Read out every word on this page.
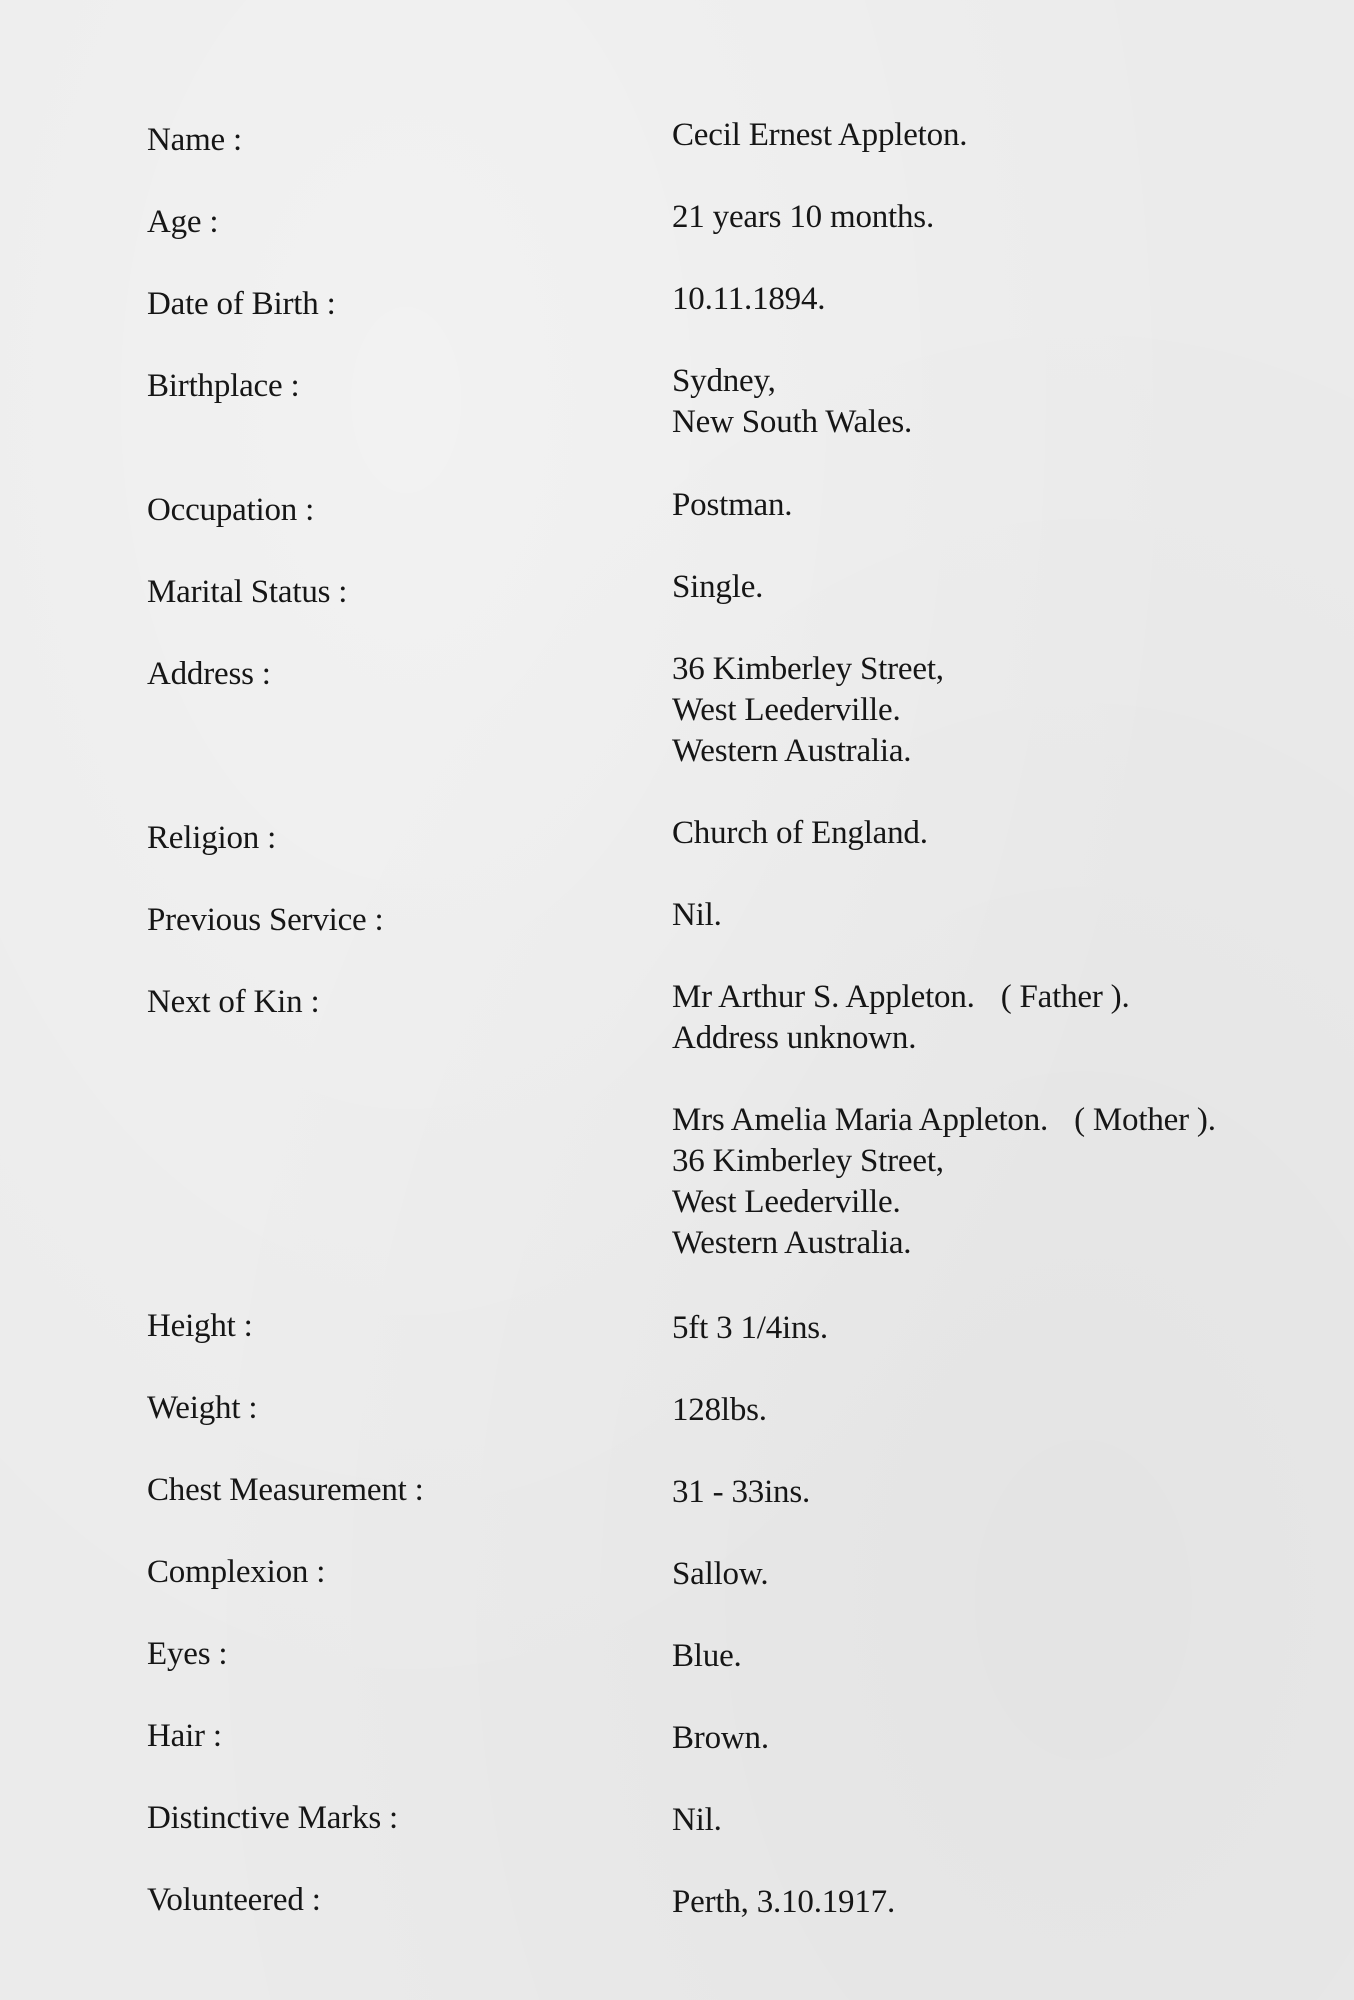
Name :	Cecil Ernest Appleton.
Age :	21 years 10 months.
Date of Birth :	10.11.1894.
Birthplace :	Sydney,
New South Wales.
Occupation :	Postman.
Marital Status :	Single.
Address :	36 Kimberley Street,
West Leederville.
Western Australia.
Religion :	Church of England.
Previous Service :	Nil.
Next of Kin :	Mr Arthur S. Appleton. ( Father ).
Address unknown.
Mrs Amelia Maria Appleton. ( Mother ).
36 Kimberley Street,
West Leederville.
Western Australia.
Height :	5ft 3 1/4ins.
Weight :	128lbs.
Chest Measurement :	31 - 33ins.
Complexion :	Sallow.
Eyes :	Blue.
Hair :	Brown.
Distinctive Marks :	Nil.
Volunteered :	Perth, 3.10.1917.
